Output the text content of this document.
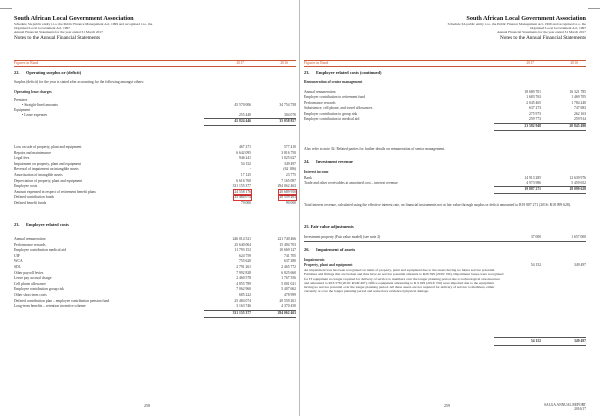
South African Local Government Association
Schedule 3A public entity i.t.o. the Public Finance Management Act, 1999 and recognised i.t.o. the
Organised Local Government Act, 1997
Annual Financial Statements for the year ended 31 March 2017
Notes to the Annual Financial Statements
Figures in Rand	2017	2016
22. Operating surplus or (deficit)
Surplus (deficit) for the year is stated after accounting for the following amongst others:
Operating lease charges
Premises
• Straight-lined amounts	45 570 006	34 754 758
Equipment
• Lease expenses	255 440	304 070
45 824 446	35 058 857
Loss on sale of property, plant and equipment	467 271	577 410
Repairs and maintenance	6 642 095	3 816 750
Legal fees	946 241	1 025 627
Impairment on property, plant and equipment	54 152	349 497
Reversal of impairment on intangible assets	-	(62 186)
Amortisation of intangible assets	17 125	23 775
Depreciation of property, plant and equipment	6 616 760	7 165 087
Employee costs	331 155 377	294 062 463
Amount expensed in respect of retirement benefit plans	24 558 176	20 689 950
Defined contribution funds	25 484 074	20 559 261
Defined benefit funds	79 000	90 000
23. Employee related costs
Annual remuneration	246 014 521	221 740 466
Performance rewards	25 640 004	15 494 703
Employee contribution medical aid	11 793 152	10 669 127
UIF	624 759	741 705
WCA	755 620	637 280
SDL	2 791 261	2 465 772
Other payroll levies	7 992 828	6 825 660
Leave pay accrual charge	2 460 578	1 767 556
Cell phone allowance	4 855 789	5 001 021
Employee contribution group risk	7 062 960	5 407 662
Other short term costs	685 222	478 999
Defined contribution plan – employee contribution pension fund	25 484 074	20 559 261
Long-term benefits – retention incentive scheme	3 163 746	4 370 450
331 155 377	294 062 463
258
South African Local Government Association
Schedule 3A public entity i.t.o. the Public Finance Management Act, 1999 and recognised i.t.o. the
Organised Local Government Act, 1997
Annual Financial Statements for the year ended 31 March 2017
Notes to the Annual Financial Statements
Figures in Rand	2017	2016
23. Employee related costs (continued)
Remuneration of senior management
Annual remuneration	18 680 701	16 321 785
Employer contribution to retirement fund	1 683 763	1 469 705
Performance rewards	2 045 465	1 784 240
Subsistence, cell phone, and travel allowances	637 273	747 683
Employer contribution to group risk	275 973	262 163
Employer contribution to medical aid	259 773	259 914
23 582 948	20 845 490
Also refer to note 32: Related parties for further details on remuneration of senior management.
24. Investment revenue
Interest income
Bank	14 913 285	12 639 976
Trade and other receivables at amortised cost – interest revenue	4 973 986	5 459 652
19 887 271	18 099 628
Total interest revenue, calculated using the effective interest rate, on financial instruments not at fair value through surplus or deficit amounted to R19 887 271 (2016: R18 099 628).
25. Fair value adjustments
Investment property (Fair value model) (see note 2)	37 000	1 657 000
26. Impairment of assets
Impairments
Property, plant and equipment	54 152	349 497
An impairment loss has been recognised on items of property, plant and equipment due to the assets having no future service potential. Furniture and fittings that are broken and thus have no service potential amounts to R20 599 (2016: Nil). Impairment losses were recognised for IT equipment no longer required for delivery of service to members over the longer planning period due to technological obsolescence and amounted to R16 578 (2016: R349 497). Office equipment amounting to R 9 029 (2016: Nil) were impaired due to the equipment having no service potential over the longer planning period. All these assets are not required for delivery of service to members, either currently or over the longer planning period and some have evidenced physical damage.
54 152	349 497
259	SALGA ANNUAL REPORT
2016/17
